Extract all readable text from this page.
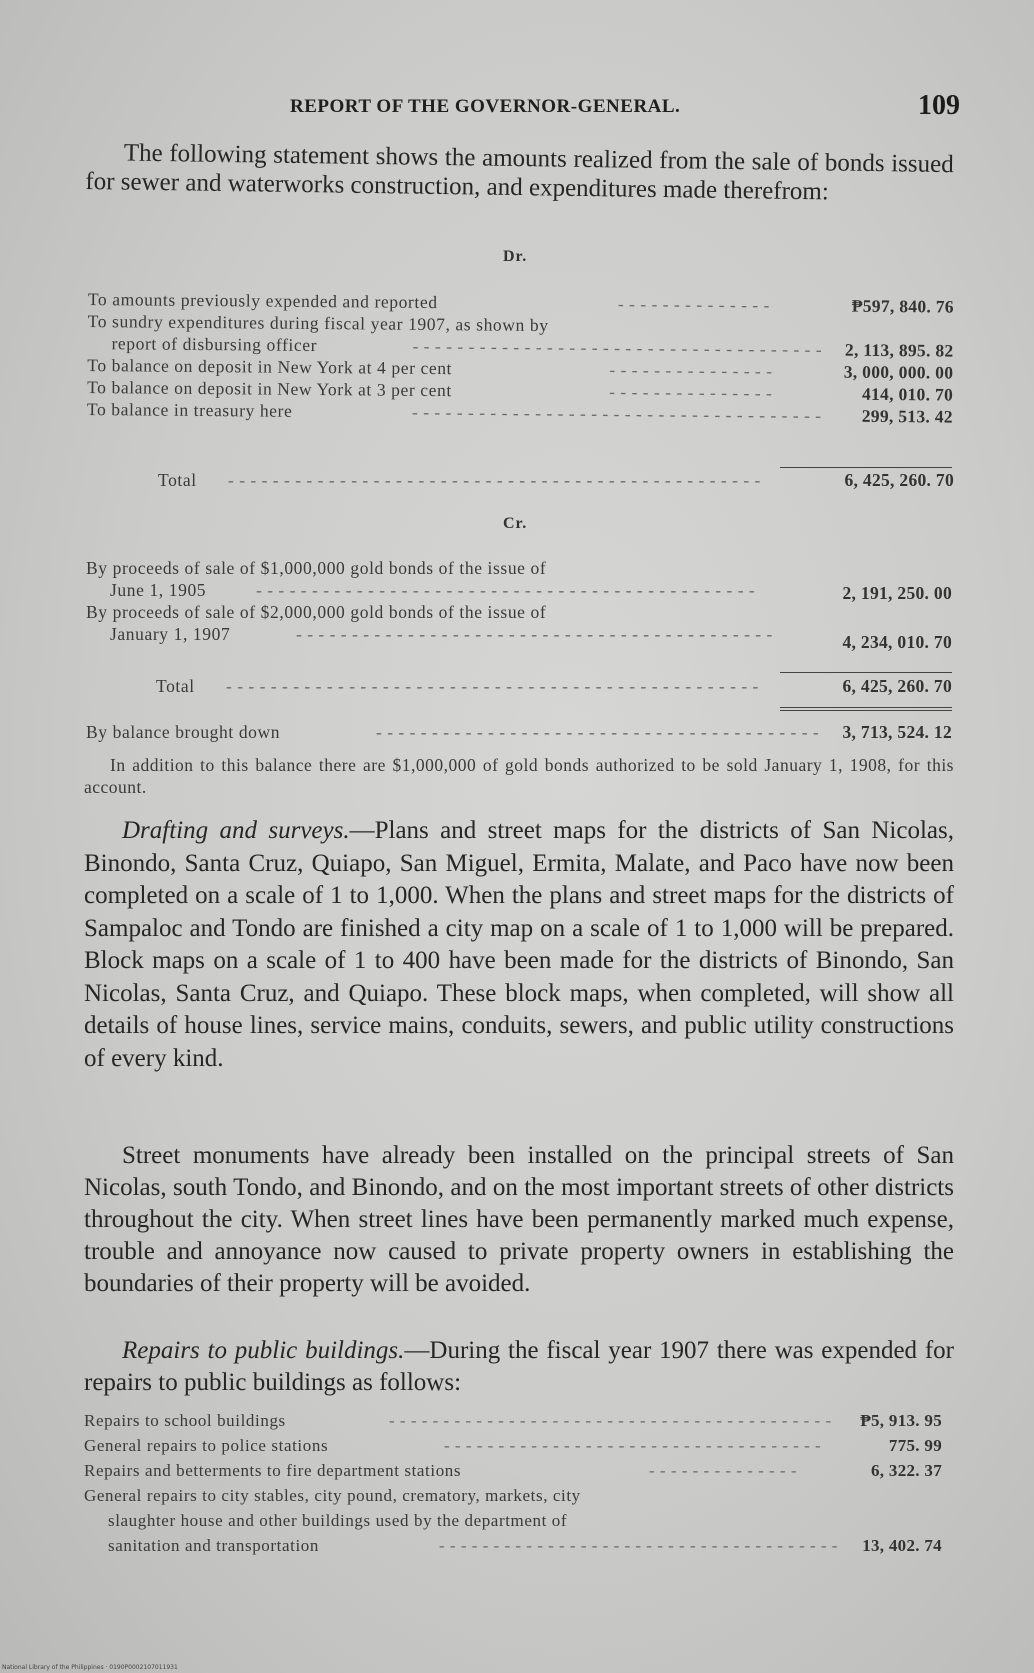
REPORT OF THE GOVERNOR-GENERAL.	109

The following statement shows the amounts realized from the sale of bonds issued for sewer and waterworks construction, and expenditures made therefrom:

Dr.
To amounts previously expended and reported	- - - - - - - - - - - - - -	₱597, 840. 76
To sundry expenditures during fiscal year 1907, as shown by
report of disbursing officer	- - - - - - - - - - - - - - - - - - - - - - - - - - - - - - - - - - - - - 2, 113, 895. 82
To balance on deposit in New York at 4 per cent	- - - - - - - - - - - - - - -	3, 000, 000. 00
To balance on deposit in New York at 3 per cent	- - - - - - - - - - - - - - -	414, 010. 70
To balance in treasury here	- - - - - - - - - - - - - - - - - - - - - - - - - - - - - - - - - - - - - 299, 513. 42
Total - - - - - - - - - - - - - - - - - - - - - - - - - - - - - - - - - - - - - - - - - - - - - - - -	6, 425, 260. 70
Cr.
By proceeds of sale of $1,000,000 gold bonds of the issue of
June 1, 1905	- - - - - - - - - - - - - - - - - - - - - - - - - - - - - - - - - - - - - - - - - - - - -	2, 191, 250. 00
By proceeds of sale of $2,000,000 gold bonds of the issue of
January 1, 1907	- - - - - - - - - - - - - - - - - - - - - - - - - - - - - - - - - - - - - - - - - - -	4, 234, 010. 70
Total - - - - - - - - - - - - - - - - - - - - - - - - - - - - - - - - - - - - - - - - - - - - - - - -	6, 425, 260. 70
By balance brought down	- - - - - - - - - - - - - - - - - - - - - - - - - - - - - - - - - - - - - - - - 3, 713, 524. 12

In addition to this balance there are $1,000,000 of gold bonds authorized to be sold January 1, 1908, for this account.

Drafting and surveys.—Plans and street maps for the districts of San Nicolas, Binondo, Santa Cruz, Quiapo, San Miguel, Ermita, Malate, and Paco have now been completed on a scale of 1 to 1,000. When the plans and street maps for the districts of Sampaloc and Tondo are finished a city map on a scale of 1 to 1,000 will be prepared. Block maps on a scale of 1 to 400 have been made for the districts of Binondo, San Nicolas, Santa Cruz, and Quiapo. These block maps, when completed, will show all details of house lines, service mains, conduits, sewers, and public utility constructions of every kind.

Street monuments have already been installed on the principal streets of San Nicolas, south Tondo, and Binondo, and on the most important streets of other districts throughout the city. When street lines have been permanently marked much expense, trouble and annoyance now caused to private property owners in establishing the boundaries of their property will be avoided.

Repairs to public buildings.—During the fiscal year 1907 there was expended for repairs to public buildings as follows:

Repairs to school buildings	- - - - - - - - - - - - - - - - - - - - - - - - - - - - - - - - - - - - - - - - - ₱5, 913. 95
General repairs to police stations	- - - - - - - - - - - - - - - - - - - - - - - - - - - - - - - - - - -	775. 99
Repairs and betterments to fire department stations	- - - - - - - - - - - - - -	6, 322. 37
General repairs to city stables, city pound, crematory, markets, city
slaughter house and other buildings used by the department of
sanitation and transportation	- - - - - - - - - - - - - - - - - - - - - - - - - - - - - - - - - - - - - 13, 402. 74
National Library of the Philippines · 0190P0002107011931
